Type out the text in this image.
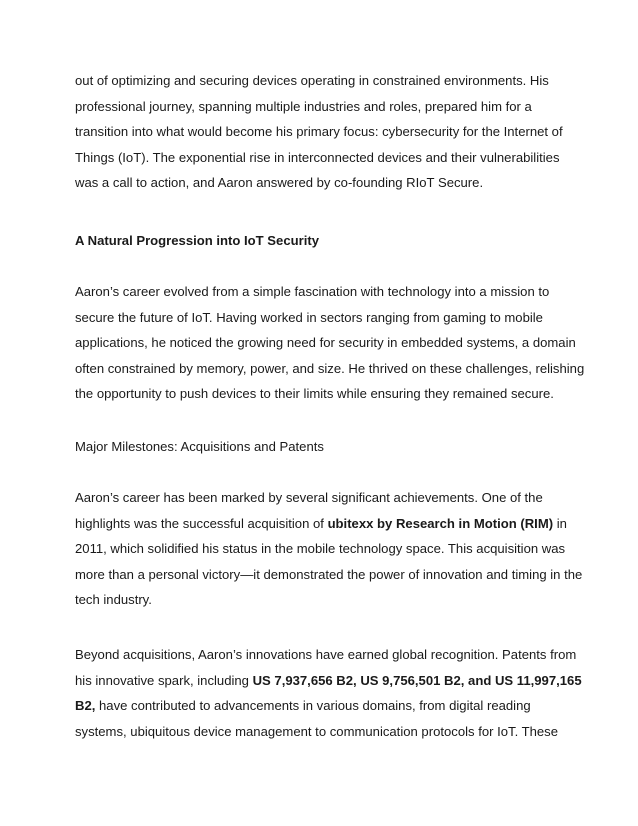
out of optimizing and securing devices operating in constrained environments. His
professional journey, spanning multiple industries and roles, prepared him for a
transition into what would become his primary focus: cybersecurity for the Internet of
Things (IoT). The exponential rise in interconnected devices and their vulnerabilities
was a call to action, and Aaron answered by co-founding RIoT Secure.

A Natural Progression into IoT Security

Aaron’s career evolved from a simple fascination with technology into a mission to
secure the future of IoT. Having worked in sectors ranging from gaming to mobile
applications, he noticed the growing need for security in embedded systems, a domain
often constrained by memory, power, and size. He thrived on these challenges, relishing
the opportunity to push devices to their limits while ensuring they remained secure.

Major Milestones: Acquisitions and Patents

Aaron’s career has been marked by several significant achievements. One of the
highlights was the successful acquisition of ubitexx by Research in Motion (RIM) in
2011, which solidified his status in the mobile technology space. This acquisition was
more than a personal victory—it demonstrated the power of innovation and timing in the
tech industry.

Beyond acquisitions, Aaron’s innovations have earned global recognition. Patents from
his innovative spark, including US 7,937,656 B2, US 9,756,501 B2, and US 11,997,165
B2, have contributed to advancements in various domains, from digital reading
systems, ubiquitous device management to communication protocols for IoT. These
